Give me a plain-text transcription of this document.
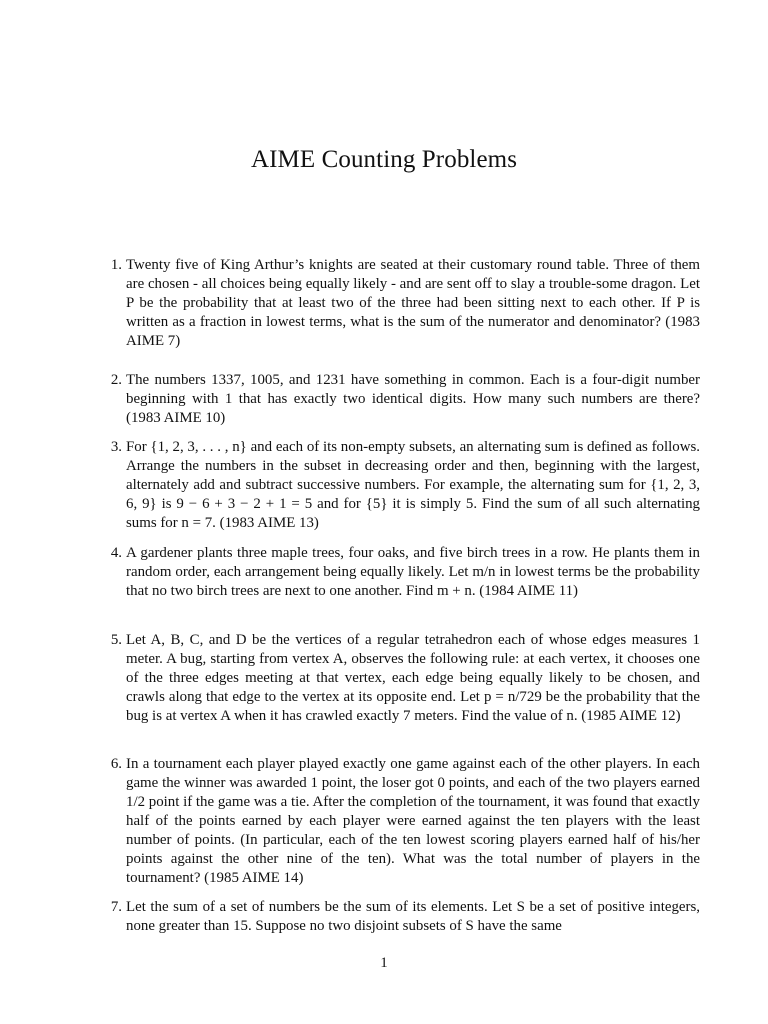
AIME Counting Problems
1. Twenty five of King Arthur’s knights are seated at their customary round table. Three of them are chosen - all choices being equally likely - and are sent off to slay a trouble-some dragon. Let P be the probability that at least two of the three had been sitting next to each other. If P is written as a fraction in lowest terms, what is the sum of the numerator and denominator? (1983 AIME 7)
2. The numbers 1337, 1005, and 1231 have something in common. Each is a four-digit number beginning with 1 that has exactly two identical digits. How many such numbers are there? (1983 AIME 10)
3. For {1, 2, 3, . . . , n} and each of its non-empty subsets, an alternating sum is defined as follows. Arrange the numbers in the subset in decreasing order and then, beginning with the largest, alternately add and subtract successive numbers. For example, the alternating sum for {1, 2, 3, 6, 9} is 9 − 6 + 3 − 2 + 1 = 5 and for {5} it is simply 5. Find the sum of all such alternating sums for n = 7. (1983 AIME 13)
4. A gardener plants three maple trees, four oaks, and five birch trees in a row. He plants them in random order, each arrangement being equally likely. Let m/n in lowest terms be the probability that no two birch trees are next to one another. Find m + n. (1984 AIME 11)
5. Let A, B, C, and D be the vertices of a regular tetrahedron each of whose edges measures 1 meter. A bug, starting from vertex A, observes the following rule: at each vertex, it chooses one of the three edges meeting at that vertex, each edge being equally likely to be chosen, and crawls along that edge to the vertex at its opposite end. Let p = n/729 be the probability that the bug is at vertex A when it has crawled exactly 7 meters. Find the value of n. (1985 AIME 12)
6. In a tournament each player played exactly one game against each of the other players. In each game the winner was awarded 1 point, the loser got 0 points, and each of the two players earned 1/2 point if the game was a tie. After the completion of the tournament, it was found that exactly half of the points earned by each player were earned against the ten players with the least number of points. (In particular, each of the ten lowest scoring players earned half of his/her points against the other nine of the ten). What was the total number of players in the tournament? (1985 AIME 14)
7. Let the sum of a set of numbers be the sum of its elements. Let S be a set of positive integers, none greater than 15. Suppose no two disjoint subsets of S have the same
1
